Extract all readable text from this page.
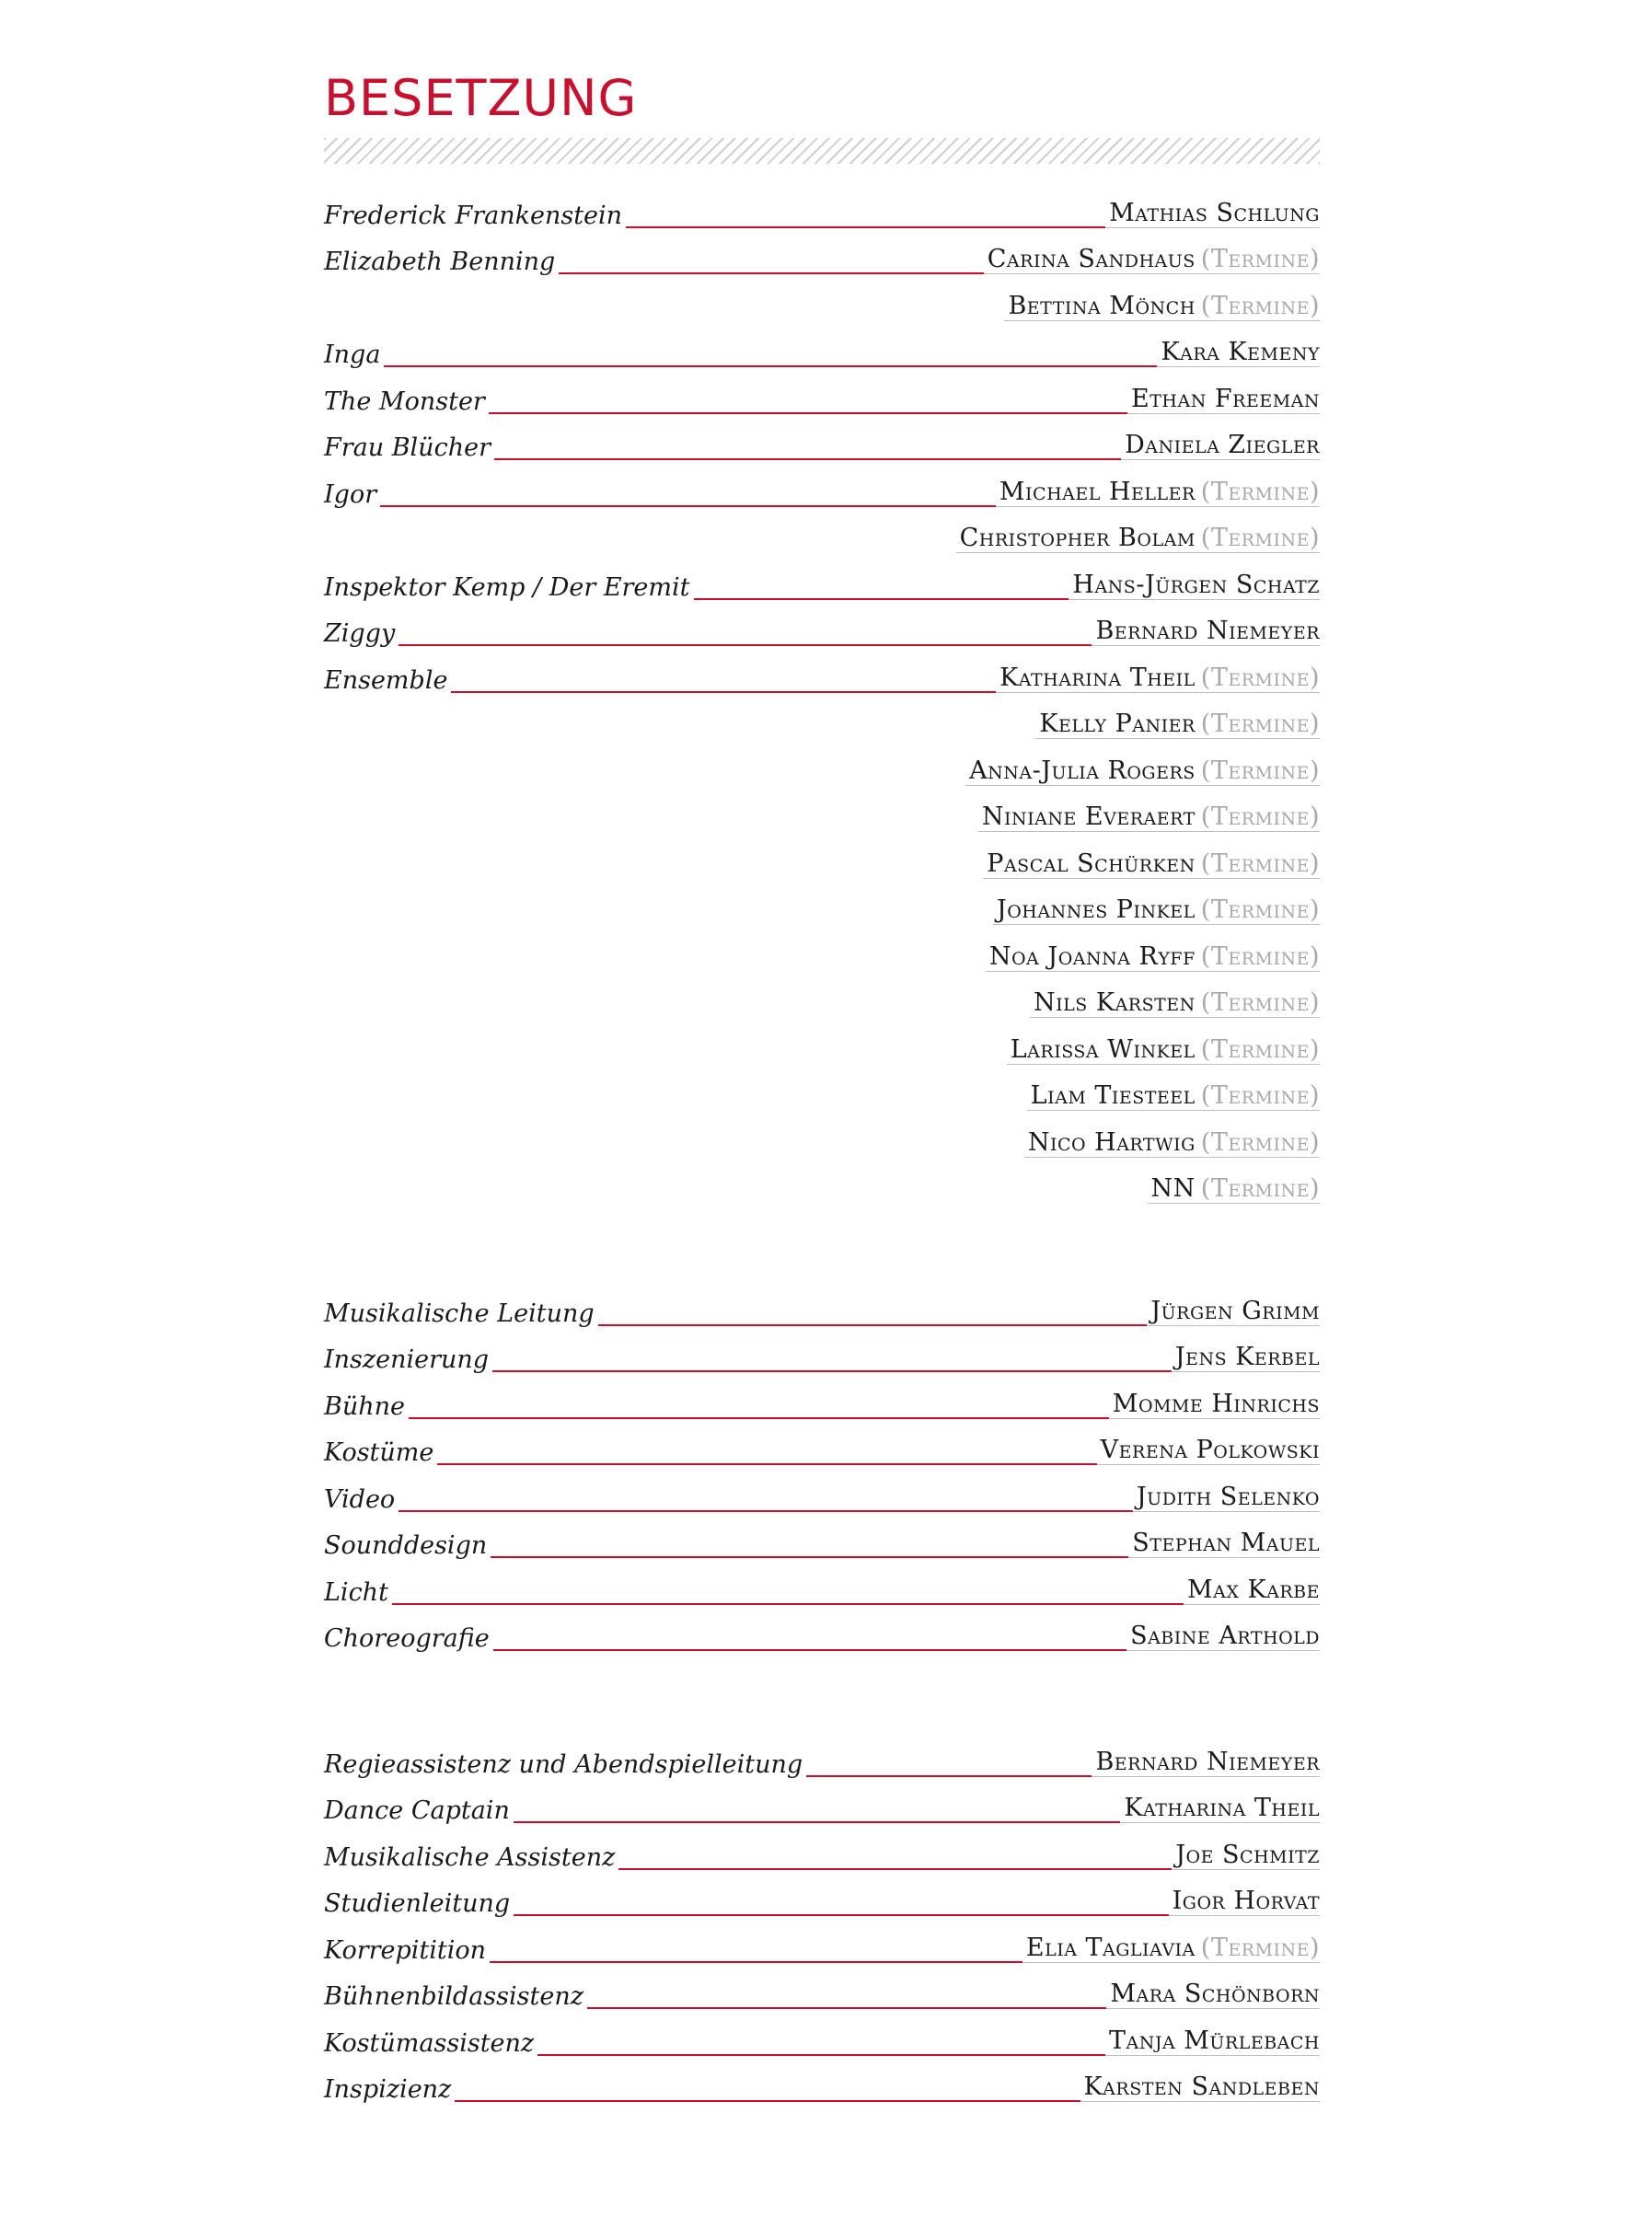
BESETZUNG
Frederick Frankenstein	Mathias Schlung
Elizabeth Benning	Carina Sandhaus (Termine)
Bettina Mönch (Termine)
Inga	Kara Kemeny
The Monster	Ethan Freeman
Frau Blücher	Daniela Ziegler
Igor	Michael Heller (Termine)
Christopher Bolam (Termine)
Inspektor Kemp / Der Eremit	Hans-Jürgen Schatz
Ziggy	Bernard Niemeyer
Ensemble	Katharina Theil (Termine)
Kelly Panier (Termine)
Anna-Julia Rogers (Termine)
Niniane Everaert (Termine)
Pascal Schürken (Termine)
Johannes Pinkel (Termine)
Noa Joanna Ryff (Termine)
Nils Karsten (Termine)
Larissa Winkel (Termine)
Liam Tiesteel (Termine)
Nico Hartwig (Termine)
NN (Termine)
Musikalische Leitung	Jürgen Grimm
Inszenierung	Jens Kerbel
Bühne	Momme Hinrichs
Kostüme	Verena Polkowski
Video	Judith Selenko
Sounddesign	Stephan Mauel
Licht	Max Karbe
Choreografie	Sabine Arthold
Regieassistenz und Abendspielleitung	Bernard Niemeyer
Dance Captain	Katharina Theil
Musikalische Assistenz	Joe Schmitz
Studienleitung	Igor Horvat
Korrepitition	Elia Tagliavia (Termine)
Bühnenbildassistenz	Mara Schönborn
Kostümassistenz	Tanja Mürlebach
Inspizienz	Karsten Sandleben
